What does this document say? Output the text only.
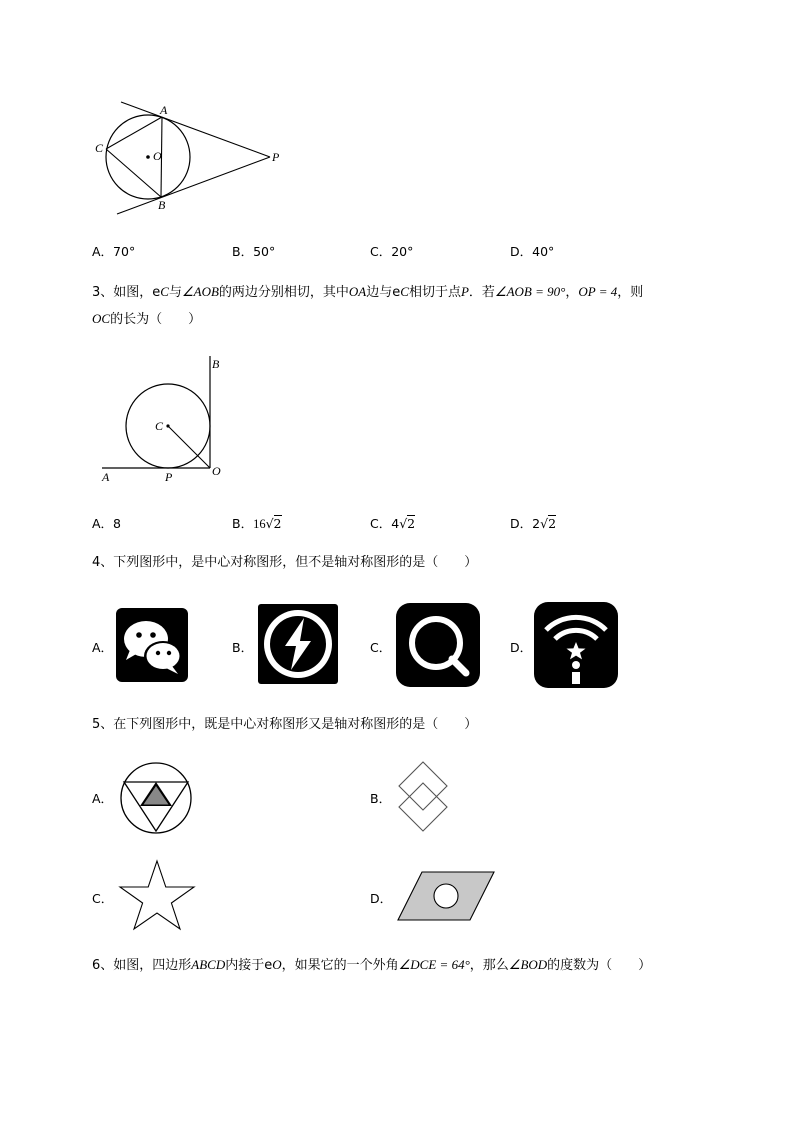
A
C
O	P
B
A．70°	B．50°	C．20°	D．40°
3、如图，eC与∠AOB的两边分别相切，其中OA边与eC相切于点P．若∠AOB = 90°，OP = 4，则
OC的长为（　　）
B
C
O
A	P
A．8	B．16√2	C．4√2	D．2√2
4、下列图形中，是中心对称图形，但不是轴对称图形的是（　　）
A．	B．	C．	D．
5、在下列图形中，既是中心对称图形又是轴对称图形的是（　　）
A．	B．
C．	D．
6、如图，四边形ABCD内接于eO，如果它的一个外角∠DCE = 64°，那么∠BOD的度数为（　　）
